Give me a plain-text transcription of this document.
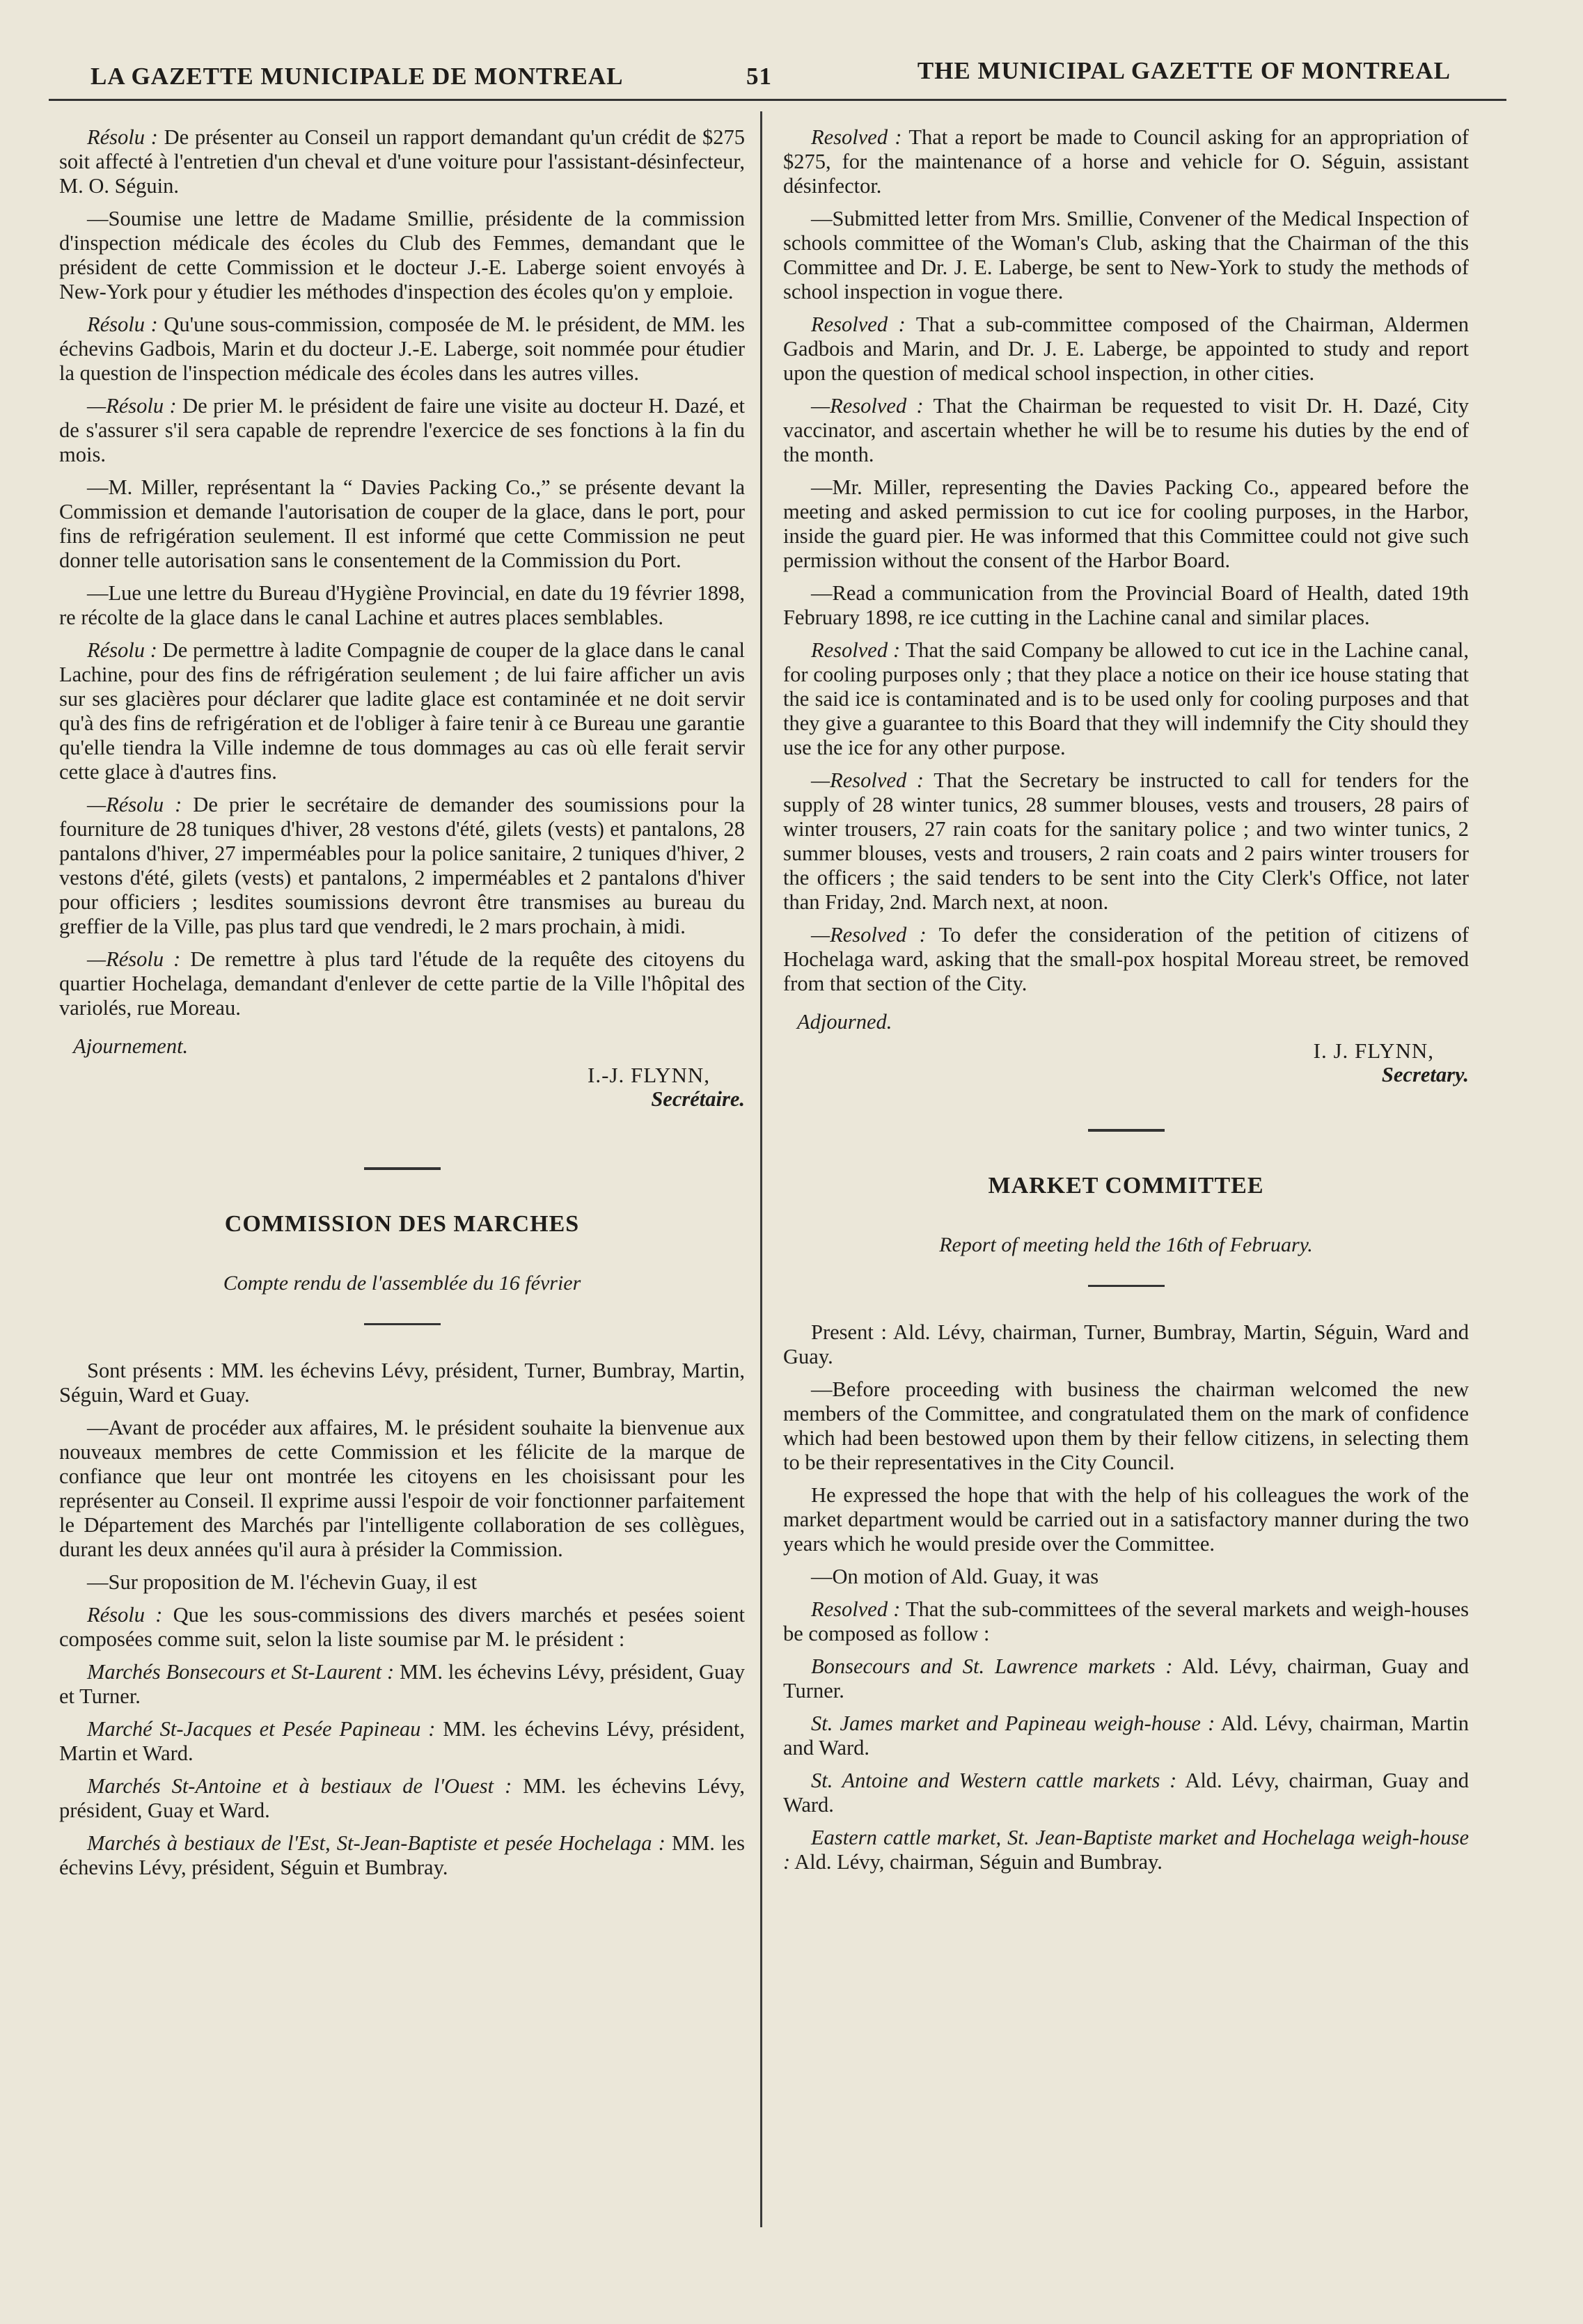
LA GAZETTE MUNICIPALE DE MONTREAL	51	THE MUNICIPAL GAZETTE OF MONTREAL

Résolu : De présenter au Conseil un rapport demandant qu'un crédit de $275 soit affecté à l'entretien d'un cheval et d'une voiture pour l'assistant-désinfecteur, M. O. Séguin.

—Soumise une lettre de Madame Smillie, présidente de la commission d'inspection médicale des écoles du Club des Femmes, demandant que le président de cette Commission et le docteur J.-E. Laberge soient envoyés à New-York pour y étudier les méthodes d'inspection des écoles qu'on y emploie.

Résolu : Qu'une sous-commission, composée de M. le président, de MM. les échevins Gadbois, Marin et du docteur J.-E. Laberge, soit nommée pour étudier la question de l'inspection médicale des écoles dans les autres villes.

—Résolu : De prier M. le président de faire une visite au docteur H. Dazé, et de s'assurer s'il sera capable de reprendre l'exercice de ses fonctions à la fin du mois.

—M. Miller, représentant la “ Davies Packing Co.,” se présente devant la Commission et demande l'autorisation de couper de la glace, dans le port, pour fins de refrigération seulement. Il est informé que cette Commission ne peut donner telle autorisation sans le consentement de la Commission du Port.

—Lue une lettre du Bureau d'Hygiène Provincial, en date du 19 février 1898, re récolte de la glace dans le canal Lachine et autres places semblables.

Résolu : De permettre à ladite Compagnie de couper de la glace dans le canal Lachine, pour des fins de réfrigération seulement ; de lui faire afficher un avis sur ses glacières pour déclarer que ladite glace est contaminée et ne doit servir qu'à des fins de refrigération et de l'obliger à faire tenir à ce Bureau une garantie qu'elle tiendra la Ville indemne de tous dommages au cas où elle ferait servir cette glace à d'autres fins.

—Résolu : De prier le secrétaire de demander des soumissions pour la fourniture de 28 tuniques d'hiver, 28 vestons d'été, gilets (vests) et pantalons, 28 pantalons d'hiver, 27 imperméables pour la police sanitaire, 2 tuniques d'hiver, 2 vestons d'été, gilets (vests) et pantalons, 2 imperméables et 2 pantalons d'hiver pour officiers ; lesdites soumissions devront être transmises au bureau du greffier de la Ville, pas plus tard que vendredi, le 2 mars prochain, à midi.

—Résolu : De remettre à plus tard l'étude de la requête des citoyens du quartier Hochelaga, demandant d'enlever de cette partie de la Ville l'hôpital des variolés, rue Moreau.

Ajournement.
I.-J. FLYNN,
Secrétaire.
COMMISSION DES MARCHES
Compte rendu de l'assemblée du 16 février

Sont présents : MM. les échevins Lévy, président, Turner, Bumbray, Martin, Séguin, Ward et Guay.

—Avant de procéder aux affaires, M. le président souhaite la bienvenue aux nouveaux membres de cette Commission et les félicite de la marque de confiance que leur ont montrée les citoyens en les choisissant pour les représenter au Conseil. Il exprime aussi l'espoir de voir fonctionner parfaitement le Département des Marchés par l'intelligente collaboration de ses collègues, durant les deux années qu'il aura à présider la Commission.

—Sur proposition de M. l'échevin Guay, il est

Résolu : Que les sous-commissions des divers marchés et pesées soient composées comme suit, selon la liste soumise par M. le président :

Marchés Bonsecours et St-Laurent : MM. les échevins Lévy, président, Guay et Turner.

Marché St-Jacques et Pesée Papineau : MM. les échevins Lévy, président, Martin et Ward.

Marchés St-Antoine et à bestiaux de l'Ouest : MM. les échevins Lévy, président, Guay et Ward.

Marchés à bestiaux de l'Est, St-Jean-Baptiste et pesée Hochelaga : MM. les échevins Lévy, président, Séguin et Bumbray.

Resolved : That a report be made to Council asking for an appropriation of $275, for the maintenance of a horse and vehicle for O. Séguin, assistant désinfector.

—Submitted letter from Mrs. Smillie, Convener of the Medical Inspection of schools committee of the Woman's Club, asking that the Chairman of the this Committee and Dr. J. E. Laberge, be sent to New-York to study the methods of school inspection in vogue there.

Resolved : That a sub-committee composed of the Chairman, Aldermen Gadbois and Marin, and Dr. J. E. Laberge, be appointed to study and report upon the question of medical school inspection, in other cities.

—Resolved : That the Chairman be requested to visit Dr. H. Dazé, City vaccinator, and ascertain whether he will be to resume his duties by the end of the month.

—Mr. Miller, representing the Davies Packing Co., appeared before the meeting and asked permission to cut ice for cooling purposes, in the Harbor, inside the guard pier. He was informed that this Committee could not give such permission without the consent of the Harbor Board.

—Read a communication from the Provincial Board of Health, dated 19th February 1898, re ice cutting in the Lachine canal and similar places.

Resolved : That the said Company be allowed to cut ice in the Lachine canal, for cooling purposes only ; that they place a notice on their ice house stating that the said ice is contaminated and is to be used only for cooling purposes and that they give a guarantee to this Board that they will indemnify the City should they use the ice for any other purpose.

—Resolved : That the Secretary be instructed to call for tenders for the supply of 28 winter tunics, 28 summer blouses, vests and trousers, 28 pairs of winter trousers, 27 rain coats for the sanitary police ; and two winter tunics, 2 summer blouses, vests and trousers, 2 rain coats and 2 pairs winter trousers for the officers ; the said tenders to be sent into the City Clerk's Office, not later than Friday, 2nd. March next, at noon.

—Resolved : To defer the consideration of the petition of citizens of Hochelaga ward, asking that the small-pox hospital Moreau street, be removed from that section of the City.

Adjourned.
I. J. FLYNN,
Secretary.
MARKET COMMITTEE
Report of meeting held the 16th of February.

Present : Ald. Lévy, chairman, Turner, Bumbray, Martin, Séguin, Ward and Guay.

—Before proceeding with business the chairman welcomed the new members of the Committee, and congratulated them on the mark of confidence which had been bestowed upon them by their fellow citizens, in selecting them to be their representatives in the City Council.

He expressed the hope that with the help of his colleagues the work of the market department would be carried out in a satisfactory manner during the two years which he would preside over the Committee.

—On motion of Ald. Guay, it was

Resolved : That the sub-committees of the several markets and weigh-houses be composed as follow :

Bonsecours and St. Lawrence markets : Ald. Lévy, chairman, Guay and Turner.

St. James market and Papineau weigh-house : Ald. Lévy, chairman, Martin and Ward.

St. Antoine and Western cattle markets : Ald. Lévy, chairman, Guay and Ward.

Eastern cattle market, St. Jean-Baptiste market and Hochelaga weigh-house : Ald. Lévy, chairman, Séguin and Bumbray.
